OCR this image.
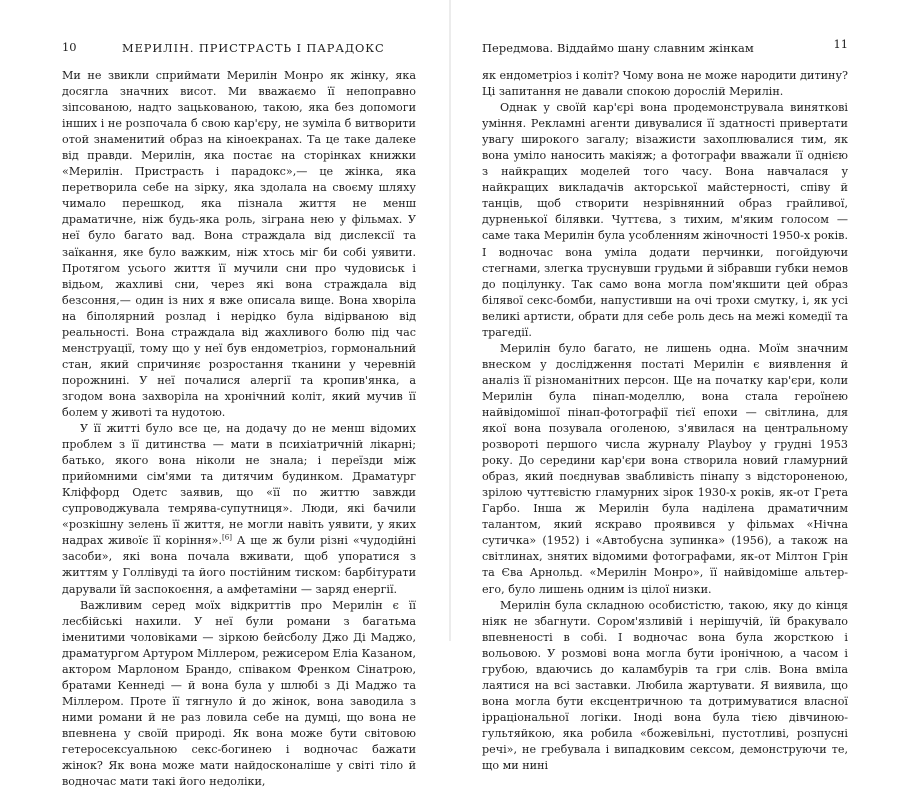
10	МЕРИЛІН. ПРИСТРАСТЬ І ПАРАДОКС

Ми не звикли сприймати Мерилін Монро як жінку, яка досягла значних висот. Ми вважаємо її непоправно зіпсованою, надто зацькованою, такою, яка без допомоги інших і не розпочала б свою кар'єру, не зуміла б витворити отой знаменитий образ на кіноекранах. Та це таке далеке від правди. Мерилін, яка постає на сторінках книжки «Мерилін. Пристрасть і парадокс»,— це жінка, яка перетворила себе на зірку, яка здолала на своєму шляху чимало перешкод, яка пізнала життя не менш драматичне, ніж будь-яка роль, зіграна нею у фільмах. У неї було багато вад. Вона страждала від дислексії та заїкання, яке було важким, ніж хтось міг би собі уявити. Протягом усього життя її мучили сни про чудовиськ і відьом, жахливі сни, через які вона страждала від безсоння,— один із них я вже описала вище. Вона хворіла на біполярний розлад і нерідко була відірваною від реальності. Вона страждала від жахливого болю під час менструації, тому що у неї був ендометріоз, гормональний стан, який спричиняє розростання тканини у черевній порожнині. У неї почалися алергії та кропив'янка, а згодом вона захворіла на хронічний коліт, який мучив її болем у животі та нудотою.

У її житті було все це, на додачу до не менш відомих проблем з її дитинства — мати в психіатричній лікарні; батько, якого вона ніколи не знала; і переїзди між прийомними сім'ями та дитячим будинком. Драматург Кліффорд Одетс заявив, що «її по життю завжди супроводжувала темрява-супутниця». Люди, які бачили «розкішну зелень її життя, не могли навіть уявити, у яких надрах живоїє її коріння».[6] А ще ж були різні «чудодійні засоби», які вона почала вживати, щоб упоратися з життям у Голлівуді та його постійним тиском: барбітурати дарували їй заспокоєння, а амфетаміни — заряд енергії.

Важливим серед моїх відкриттів про Мерилін є її лесбійські нахили. У неї були романи з багатьма іменитими чоловіками — зіркою бейсболу Джо Ді Маджо, драматургом Артуром Міллером, режисером Еліа Казаном, актором Марлоном Брандо, співаком Френком Сінатрою, братами Кеннеді — й вона була у шлюбі з Ді Маджо та Міллером. Проте її тягнуло й до жінок, вона заводила з ними романи й не раз ловила себе на думці, що вона не впевнена у своїй природі. Як вона може бути світовою гетеросексуальною секс-богинею і водночас бажати жінок? Як вона може мати найдосконаліше у світі тіло й водночас мати такі його недоліки,

Передмова. Віддаймо шану славним жінкам	11

як ендометріоз і коліт? Чому вона не може народити дитину? Ці запитання не давали спокою дорослій Мерилін.

Однак у своїй кар'єрі вона продемонструвала виняткові уміння. Рекламні агенти дивувалися її здатності привертати увагу широкого загалу; візажисти захоплювалися тим, як вона уміло наносить макіяж; а фотографи вважали її однією з найкращих моделей того часу. Вона навчалася у найкращих викладачів акторської майстерності, співу й танців, щоб створити незрівнянний образ грайливої, дурненької білявки. Чуттєва, з тихим, м'яким голосом — саме така Мерилін була усобленням жіночності 1950-х років. І водночас вона уміла додати перчинки, погойдуючи стегнами, злегка труснувши грудьми й зібравши губки немов до поцілунку. Так само вона могла пом'якшити цей образ білявої секс-бомби, напустивши на очі трохи смутку, і, як усі великі артисти, обрати для себе роль десь на межі комедії та трагедії.

Мерилін було багато, не лишень одна. Моїм значним внеском у дослідження постаті Мерилін є виявлення й аналіз її різноманітних персон. Ще на початку кар'єри, коли Мерилін була пінап-моделлю, вона стала героїнею найвідомішої пінап-фотографії тієї епохи — світлина, для якої вона позувала оголеною, з'явилася на центральному розвороті першого числа журналу Playboy у грудні 1953 року. До середини кар'єри вона створила новий гламурний образ, який поєднував звабливість пінапу з відстороненою, зрілою чуттєвістю гламурних зірок 1930-х років, як-от Грета Гарбо. Інша ж Мерилін була наділена драматичним талантом, який яскраво проявився у фільмах «Нічна сутичка» (1952) і «Автобусна зупинка» (1956), а також на світлинах, знятих відомими фотографами, як-от Мілтон Грін та Єва Арнольд. «Мерилін Монро», її найвідоміше альтер-его, було лишень одним із цілої низки.

Мерилін була складною особистістю, такою, яку до кінця ніяк не збагнути. Сором'язливій і нерішучій, їй бракувало впевненості в собі. І водночас вона була жорсткою і вольовою. У розмові вона могла бути іронічною, а часом і грубою, вдаючись до каламбурів та гри слів. Вона вміла лаятися на всі заставки. Любила жартувати. Я виявила, що вона могла бути ексцентричною та дотримуватися власної ірраціональної логіки. Іноді вона була тією дівчиною-гультяйкою, яка робила «божевільні, пустотливі, розпусні речі», не гребувала і випадковим сексом, демонструючи те, що ми нині
